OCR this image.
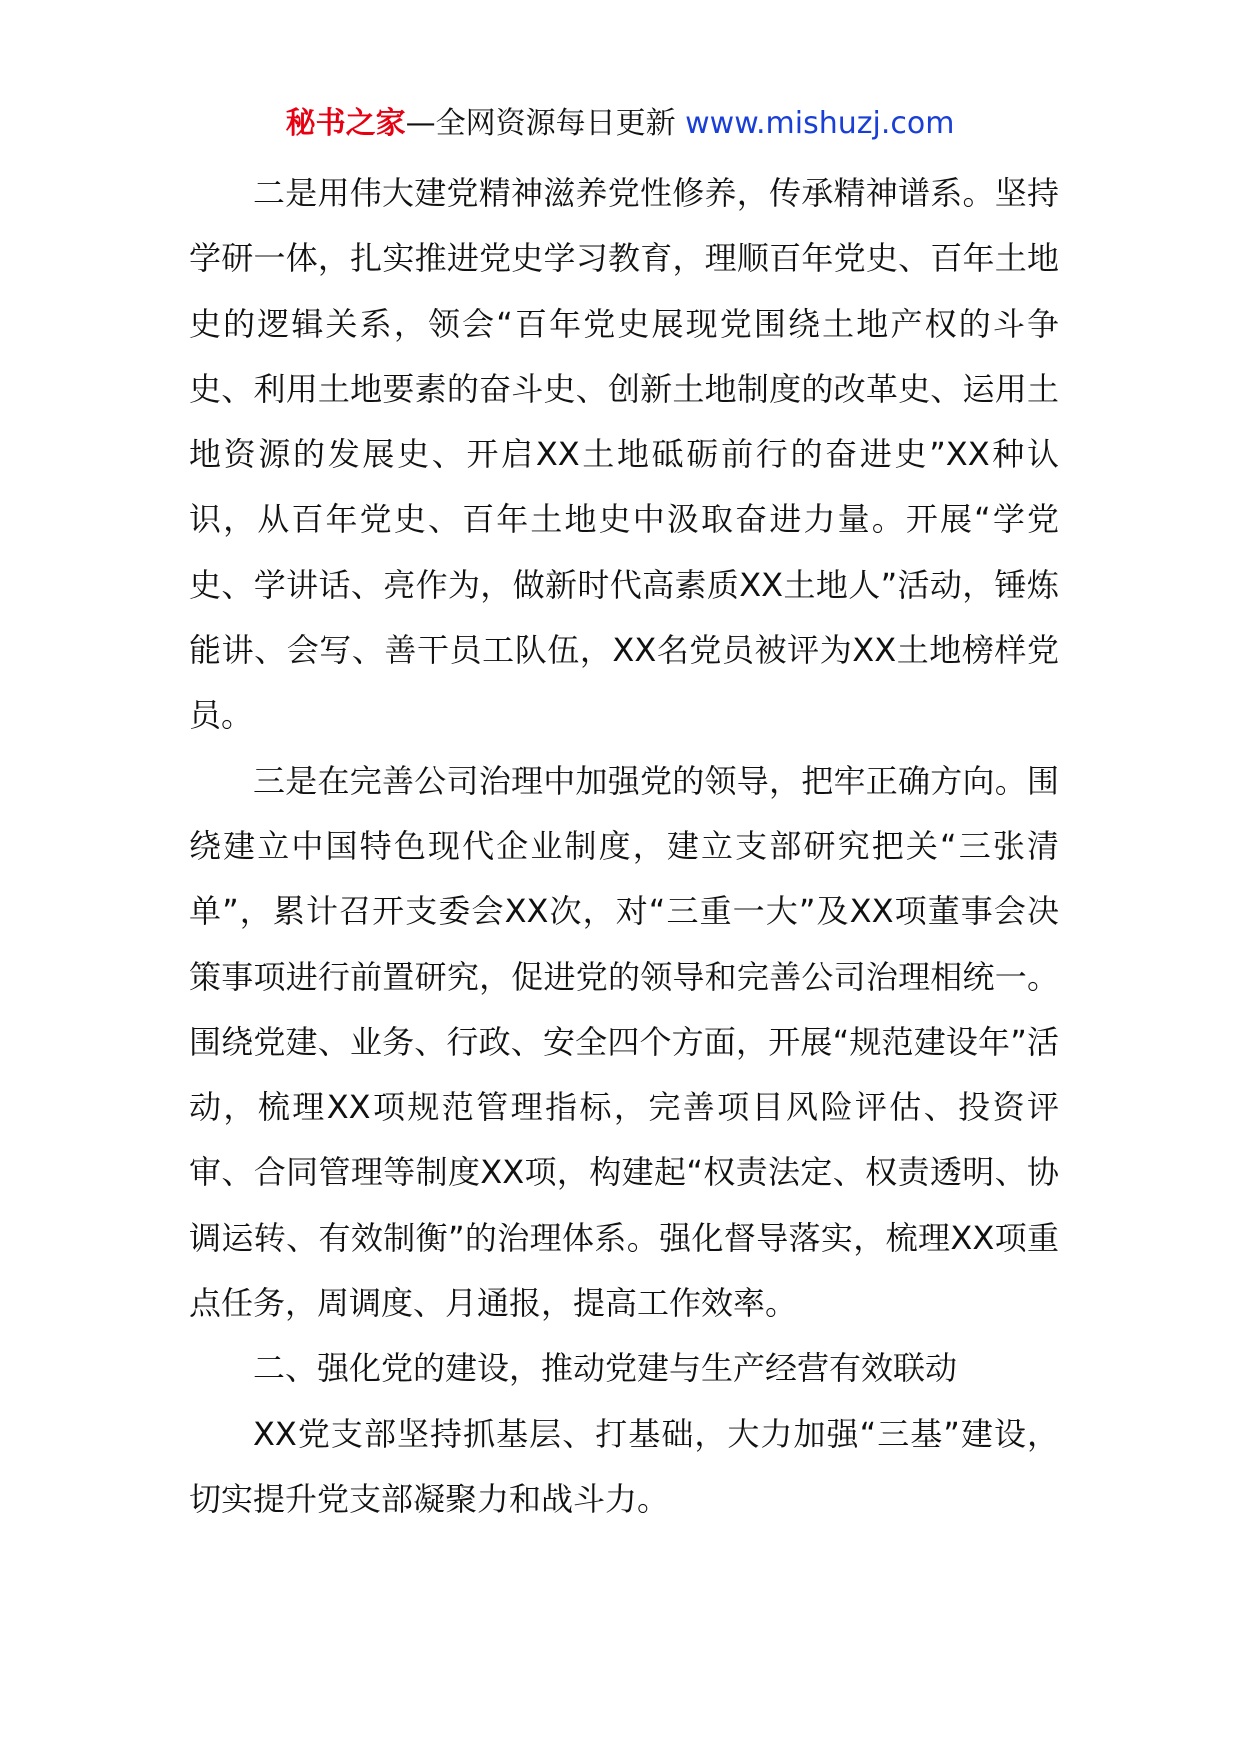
秘书之家—全网资源每日更新 www.mishuzj.com

二是用伟大建党精神滋养党性修养，传承精神谱系。坚持学研一体，扎实推进党史学习教育，理顺百年党史、百年土地史的逻辑关系，领会“百年党史展现党围绕土地产权的斗争史、利用土地要素的奋斗史、创新土地制度的改革史、运用土地资源的发展史、开启XX土地砥砺前行的奋进史”XX种认识，从百年党史、百年土地史中汲取奋进力量。开展“学党史、学讲话、亮作为，做新时代高素质XX土地人”活动，锤炼能讲、会写、善干员工队伍，XX名党员被评为XX土地榜样党员。

三是在完善公司治理中加强党的领导，把牢正确方向。围绕建立中国特色现代企业制度，建立支部研究把关“三张清单”，累计召开支委会XX次，对“三重一大”及XX项董事会决策事项进行前置研究，促进党的领导和完善公司治理相统一。围绕党建、业务、行政、安全四个方面，开展“规范建设年”活动，梳理XX项规范管理指标，完善项目风险评估、投资评审、合同管理等制度XX项，构建起“权责法定、权责透明、协调运转、有效制衡”的治理体系。强化督导落实，梳理XX项重点任务，周调度、月通报，提高工作效率。

二、强化党的建设，推动党建与生产经营有效联动

XX党支部坚持抓基层、打基础，大力加强“三基”建设，切实提升党支部凝聚力和战斗力。
